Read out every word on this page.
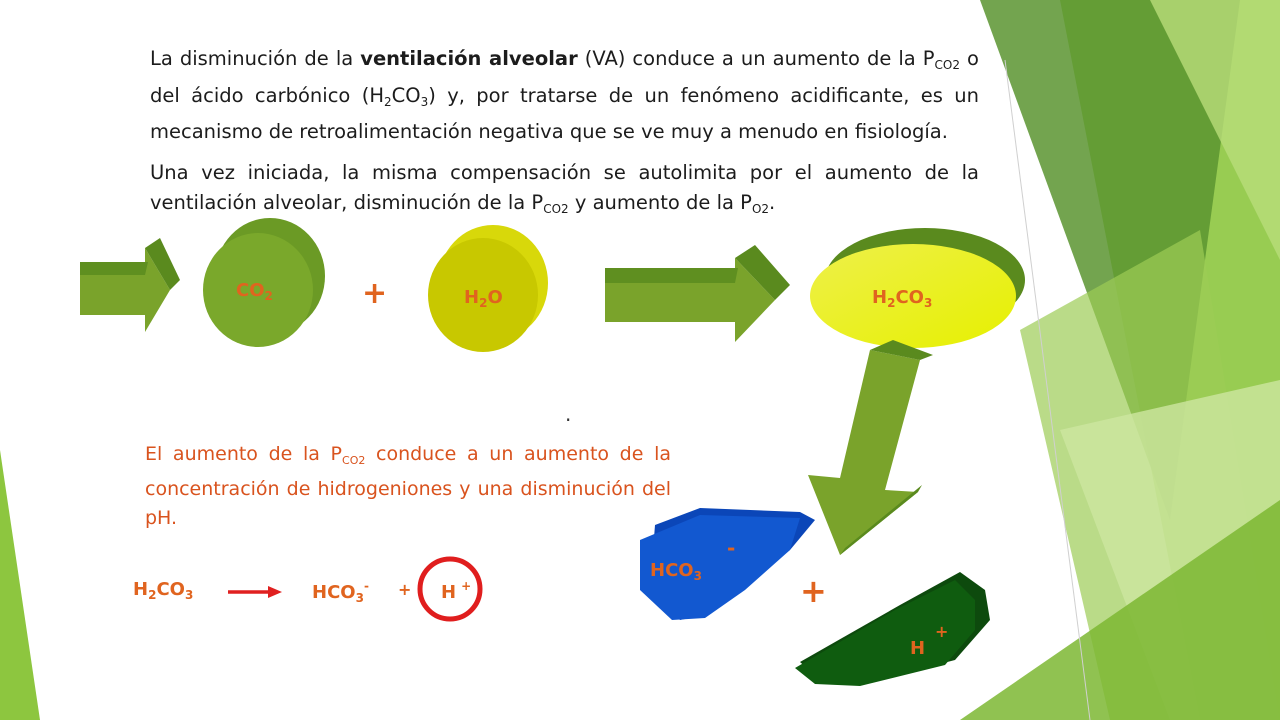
La disminución de la ventilación alveolar (VA) conduce a un aumento de la $P_{CO2}$ o del ácido carbónico $(H_2CO_3)$ y, por tratarse de un fenómeno acidificante, es un mecanismo de retroalimentación negativa que se ve muy a menudo en fisiología.

Una vez iniciada, la misma compensación se autolimita por el aumento de la ventilación alveolar, disminución de la $P_{CO2}$ y aumento de la $P_{O2}$.

$CO_2$	+	$H_2O$	$H_2CO_3$
.

El aumento de la $P_{CO2}$ conduce a un aumento de la concentración de hidrogeniones y una disminución del pH.

$HCO_3$
-
+
H
+
$H_2CO_3$	$HCO_3^- + H$ +
